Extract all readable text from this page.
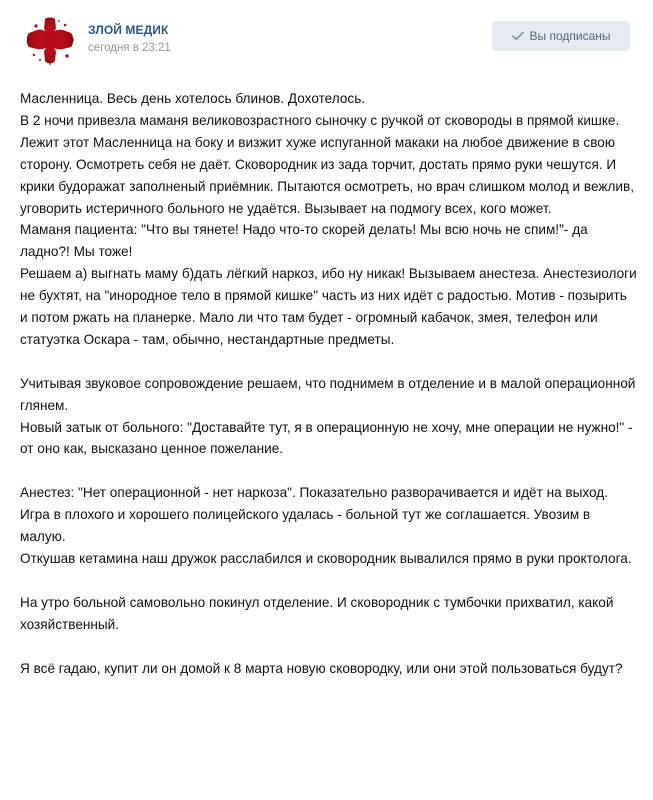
ЗЛОЙ МЕДИК
сегодня в 23:21
Вы подписаны

Масленница. Весь день хотелось блинов. Дохотелось.

В 2 ночи привезла маманя великовозрастного сыночку с ручкой от сковороды в прямой кишке.

Лежит этот Масленница на боку и визжит хуже испуганной макаки на любое движение в свою сторону. Осмотреть себя не даёт. Сковородник из зада торчит, достать прямо руки чешутся. И крики будоражат заполненый приёмник. Пытаются осмотреть, но врач слишком молод и вежлив, уговорить истеричного больного не удаётся. Вызывает на подмогу всех, кого может.

Маманя пациента: "Что вы тянете! Надо что-то скорей делать! Мы всю ночь не спим!"- да ладно?! Мы тоже!

Решаем а) выгнать маму б)дать лёгкий наркоз, ибо ну никак! Вызываем анестеза. Анестезиологи не бухтят, на "инородное тело в прямой кишке" часть из них идёт с радостью. Мотив - позырить и потом ржать на планерке. Мало ли что там будет - огромный кабачок, змея, телефон или статуэтка Оскара - там, обычно, нестандартные предметы.

Учитывая звуковое сопровождение решаем, что поднимем в отделение и в малой операционной глянем.

Новый затык от больного: "Доставайте тут, я в операционную не хочу, мне операции не нужно!" - от оно как, высказано ценное пожелание.

Анестез: "Нет операционной - нет наркоза". Показательно разворачивается и идёт на выход. Игра в плохого и хорошего полицейского удалась - больной тут же соглашается. Увозим в малую.

Откушав кетамина наш дружок расслабился и сковородник вывалился прямо в руки проктолога.

На утро больной самовольно покинул отделение. И сковородник с тумбочки прихватил, какой хозяйственный.

Я всё гадаю, купит ли он домой к 8 марта новую сковородку, или они этой пользоваться будут?
